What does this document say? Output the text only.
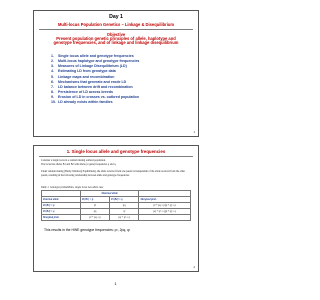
Day 1
Multi-locus Population Genetics – Linkage & Disequilibrium
Objective
Present population genetic principles of allele, haplotype and genotype frequencies, and of linkage and linkage disequilibrium
1. Single locus allele and genotype frequencies
2. Multi-locus haplotype and genotype frequencies
3. Measures of Linkage Disequilibrium (LD)
4. Estimating LD from genotype data
5. Linkage maps and recombination
6. Mechanisms that generate and erode LD
7. LD balance between drift and recombination
8. Persistence of LD across breeds
9. Erosion of LD in crosses vs. outbred population
10. LD already exists within families
1
1. Single locus allele and genotype frequencies
Consider a single locus in a random mating outbred population.
The locus has alleles B1 and B2 with allele (or gene) frequencies p and q.
Under random mating (Hardy-Weinberg Equilibrium), the allele received from one parent is independent of the allele received from the other parent, resulting in the following relationship between allele and genotype frequencies:
Table 1. Genotype probabilities, single locus two allele case
	Maternal allele		
Paternal allele	Pr(B1) = p	Pr(B2) = q	Marginal prob.
Pr(B1) = p	p²	pq	p² + pq = p(p + q) = p
Pr(B2) = q	pq	q²	pq + q² = q(p + q) = q
Marginal prob.	p² + pq = p	pq + q² = q	
This results in the HWE genotype frequencies: p², 2pq, q²
2
1
